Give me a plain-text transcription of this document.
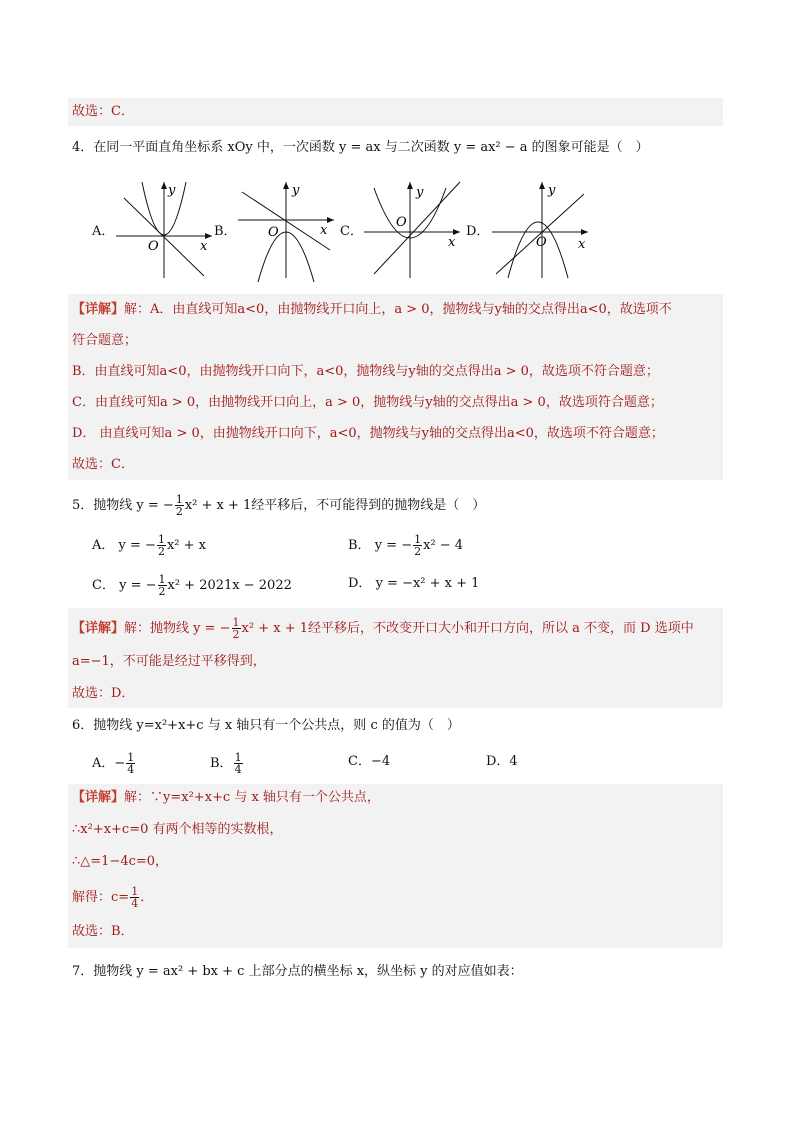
故选：C．
4．在同一平面直角坐标系 xOy 中，一次函数 y = ax 与二次函数 y = ax² − a 的图象可能是（　）
A．
y
x
O
B．
y
x
O	C．
y
x
O
D．
y
x
O
【详解】解：A．由直线可知a<0，由抛物线开口向上，a > 0，抛物线与y轴的交点得出a<0，故选项不
符合题意；
B．由直线可知a<0，由抛物线开口向下，a<0，抛物线与y轴的交点得出a > 0，故选项不符合题意；
C．由直线可知a > 0，由抛物线开口向上，a > 0，抛物线与y轴的交点得出a > 0，故选项符合题意；
D． 由直线可知a > 0，由抛物线开口向下，a<0，抛物线与y轴的交点得出a<0，故选项不符合题意；
故选：C．
5．抛物线 y = − $\frac{1}{2} x^2 + x + 1$经平移后，不可能得到的抛物线是（　）
A． y = − $\frac{1}{2} x^2 + x$	B． y = − $\frac{1}{2} x^2 - 4$
C． y = − $\frac{1}{2} x^2 + 2021x - 2022$	D． y = −x² + x + 1
【详解】解：抛物线 y = − $\frac{1}{2} x^2 + x + 1$经平移后，不改变开口大小和开口方向，所以 a 不变，而 D 选项中
a=−1，不可能是经过平移得到，
故选：D．
6．抛物线 y=x²+x+c 与 x 轴只有一个公共点，则 c 的值为（　）
A．− $\frac{1}{4}$	B． $\frac{1}{4}$	C．−4	D．4
【详解】解：∵y=x²+x+c 与 x 轴只有一个公共点，
∴x²+x+c=0 有两个相等的实数根，
∴△=1−4c=0，
解得：$c= \frac{1}{4}$ ．
故选：B．
7．抛物线 y = ax² + bx + c 上部分点的横坐标 x，纵坐标 y 的对应值如表：
